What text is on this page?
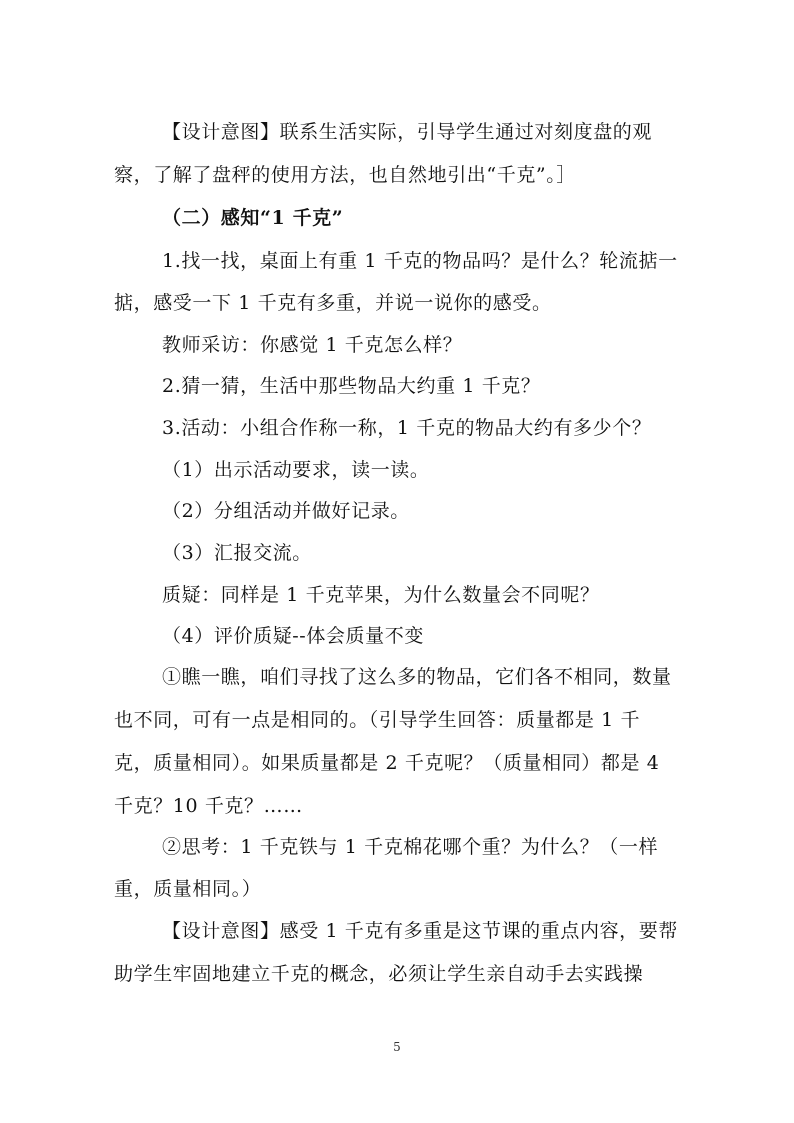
【设计意图】联系生活实际，引导学生通过对刻度盘的观
察，了解了盘秤的使用方法，也自然地引出“千克”。］
（二）感知“1 千克”
1.找一找，桌面上有重 1 千克的物品吗？是什么？轮流掂一
掂，感受一下 1 千克有多重，并说一说你的感受。
教师采访：你感觉 1 千克怎么样？
2.猜一猜，生活中那些物品大约重 1 千克？
3.活动：小组合作称一称，1 千克的物品大约有多少个？
（1）出示活动要求，读一读。
（2）分组活动并做好记录。
（3）汇报交流。
质疑：同样是 1 千克苹果，为什么数量会不同呢？
（4）评价质疑--体会质量不变
①瞧一瞧，咱们寻找了这么多的物品，它们各不相同，数量
也不同，可有一点是相同的。（引导学生回答：质量都是 1 千
克，质量相同）。如果质量都是 2 千克呢？（质量相同）都是 4
千克？10 千克？……
②思考：1 千克铁与 1 千克棉花哪个重？为什么？（一样
重，质量相同。）
【设计意图】感受 1 千克有多重是这节课的重点内容，要帮
助学生牢固地建立千克的概念，必须让学生亲自动手去实践操
5
